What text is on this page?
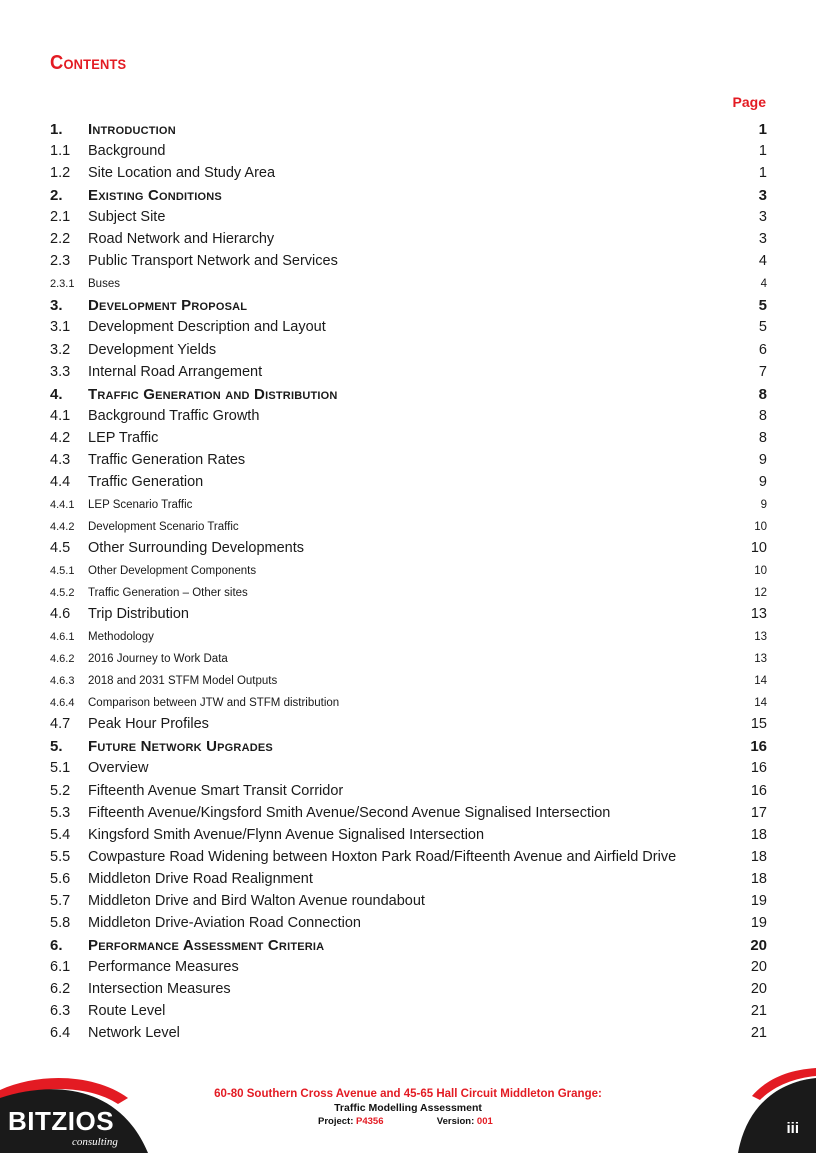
Contents
Page
1. Introduction	1
1.1 Background	1
1.2 Site Location and Study Area	1
2. Existing Conditions	3
2.1 Subject Site	3
2.2 Road Network and Hierarchy	3
2.3 Public Transport Network and Services	4
2.3.1 Buses	4
3. Development Proposal	5
3.1 Development Description and Layout	5
3.2 Development Yields	6
3.3 Internal Road Arrangement	7
4. Traffic Generation and Distribution	8
4.1 Background Traffic Growth	8
4.2 LEP Traffic	8
4.3 Traffic Generation Rates	9
4.4 Traffic Generation	9
4.4.1 LEP Scenario Traffic	9
4.4.2 Development Scenario Traffic	10
4.5 Other Surrounding Developments	10
4.5.1 Other Development Components	10
4.5.2 Traffic Generation – Other sites	12
4.6 Trip Distribution	13
4.6.1 Methodology	13
4.6.2 2016 Journey to Work Data	13
4.6.3 2018 and 2031 STFM Model Outputs	14
4.6.4 Comparison between JTW and STFM distribution	14
4.7 Peak Hour Profiles	15
5. Future Network Upgrades	16
5.1 Overview	16
5.2 Fifteenth Avenue Smart Transit Corridor	16
5.3 Fifteenth Avenue/Kingsford Smith Avenue/Second Avenue Signalised Intersection	17
5.4 Kingsford Smith Avenue/Flynn Avenue Signalised Intersection	18
5.5 Cowpasture Road Widening between Hoxton Park Road/Fifteenth Avenue and Airfield Drive	18
5.6 Middleton Drive Road Realignment	18
5.7 Middleton Drive and Bird Walton Avenue roundabout	19
5.8 Middleton Drive-Aviation Road Connection	19
6. Performance Assessment Criteria	20
6.1 Performance Measures	20
6.2 Intersection Measures	20
6.3 Route Level	21
6.4 Network Level	21
BITZIOS
consulting
60-80 Southern Cross Avenue and 45-65 Hall Circuit Middleton Grange:
Traffic Modelling Assessment
Project: P4356	Version: 001	iii
